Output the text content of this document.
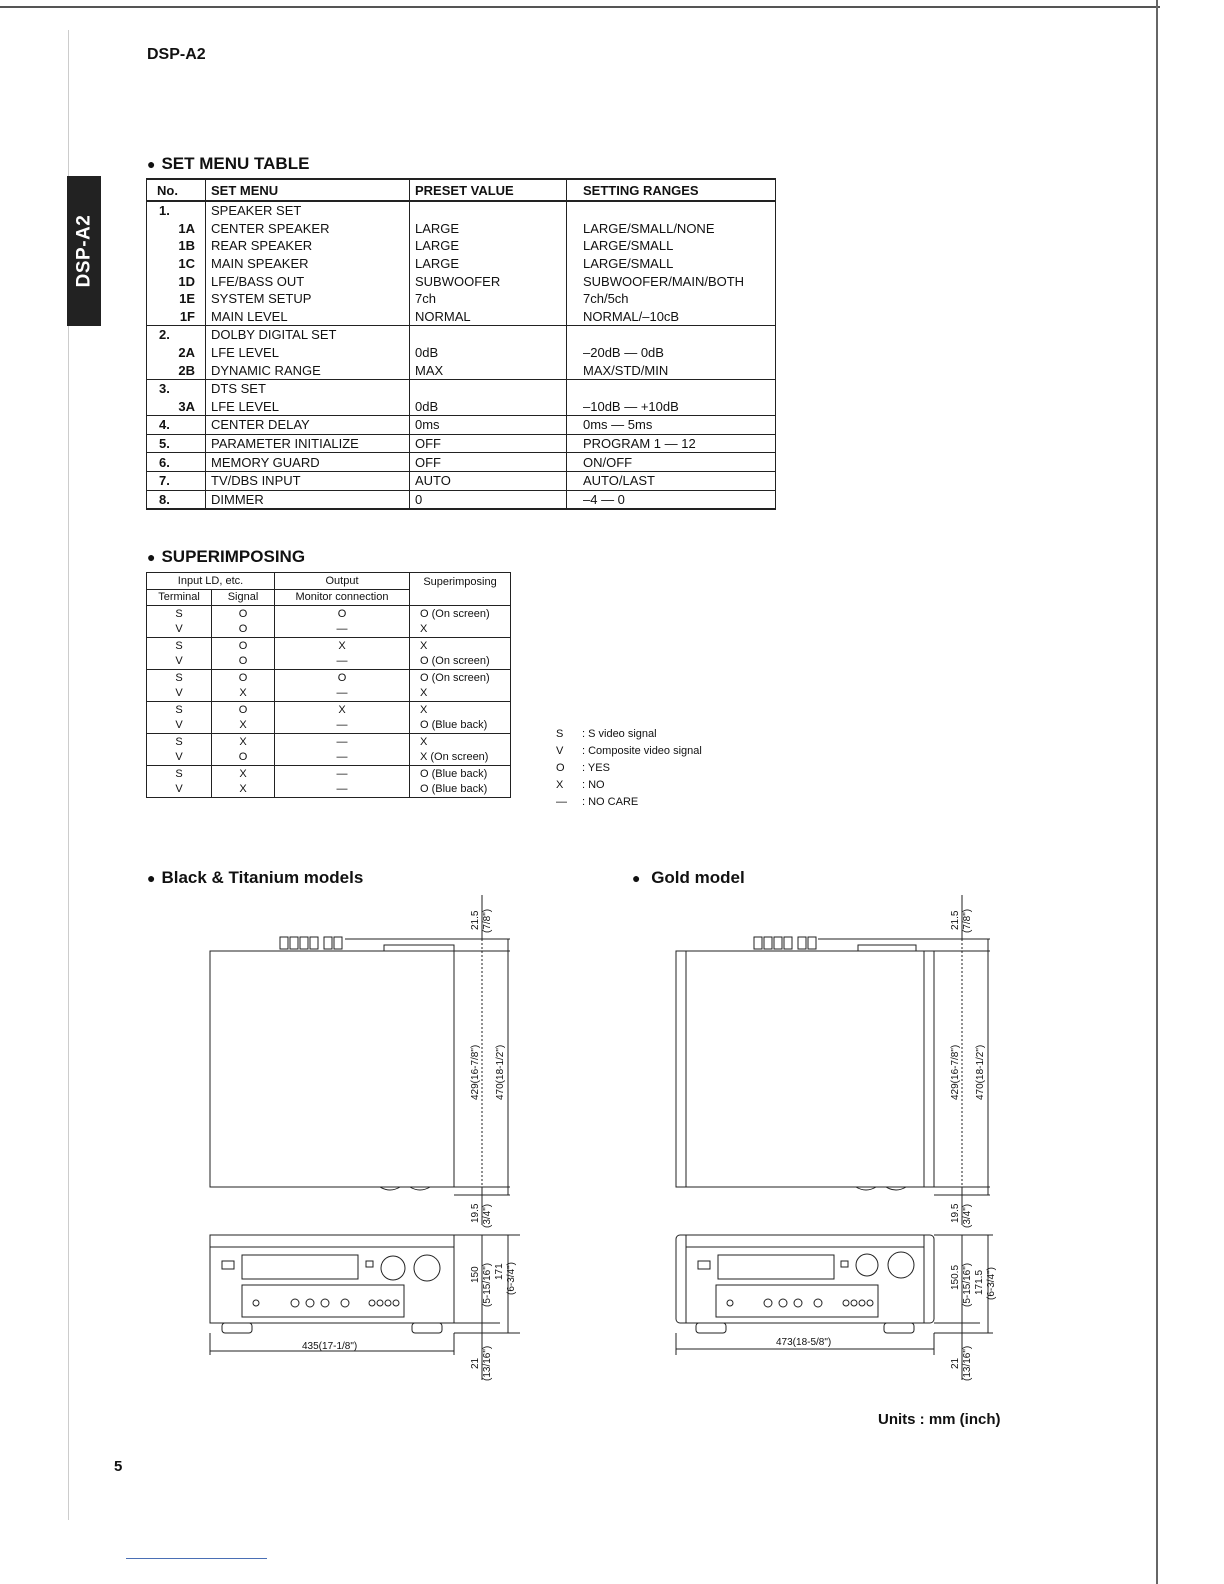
DSP-A2
DSP-A2
● SET MENU TABLE
No.	SET MENU	PRESET VALUE	SETTING RANGES
1.	SPEAKER SET		
1A	CENTER SPEAKER	LARGE	LARGE/SMALL/NONE
1B	REAR SPEAKER	LARGE	LARGE/SMALL
1C	MAIN SPEAKER	LARGE	LARGE/SMALL
1D	LFE/BASS OUT	SUBWOOFER	SUBWOOFER/MAIN/BOTH
1E	SYSTEM SETUP	7ch	7ch/5ch
1F	MAIN LEVEL	NORMAL	NORMAL/–10cB
2.	DOLBY DIGITAL SET		
2A	LFE LEVEL	0dB	–20dB — 0dB
2B	DYNAMIC RANGE	MAX	MAX/STD/MIN
3.	DTS SET		
3A	LFE LEVEL	0dB	–10dB — +10dB
4.	CENTER DELAY	0ms	0ms — 5ms
5.	PARAMETER INITIALIZE	OFF	PROGRAM 1 — 12
6.	MEMORY GUARD	OFF	ON/OFF
7.	TV/DBS INPUT	AUTO	AUTO/LAST
8.	DIMMER	0	–4 — 0
● SUPERIMPOSING
Input LD, etc.		Output	Superimposing
Terminal	Signal	Monitor connection	
S	O	O	O (On screen)
V	O	—	X
S	O	X	X
V	O	—	O (On screen)
S	O	O	O (On screen)
V	X	—	X
S	O	X	X
V	X	—	O (Blue back)
S	X	—	X
V	O	—	X (On screen)
S	X	—	O (Blue back)
V	X	—	O (Blue back)
S : S video signal
V : Composite video signal
O : YES
X : NO
— : NO CARE
● Black & Titanium models	● Gold model
21.5 (7/8")
429(16-7/8") 470(18-1/2")
19.5 (3/4")
150 (5-15/16") 171 (6-3/4")
21 (13/16")
435(17-1/8")
21.5 (7/8")
429(16-7/8") 470(18-1/2")
19.5 (3/4")
150.5 (5-15/16") 171.5 (6-3/4")
21 (13/16")
473(18-5/8")
Units : mm (inch)
5
